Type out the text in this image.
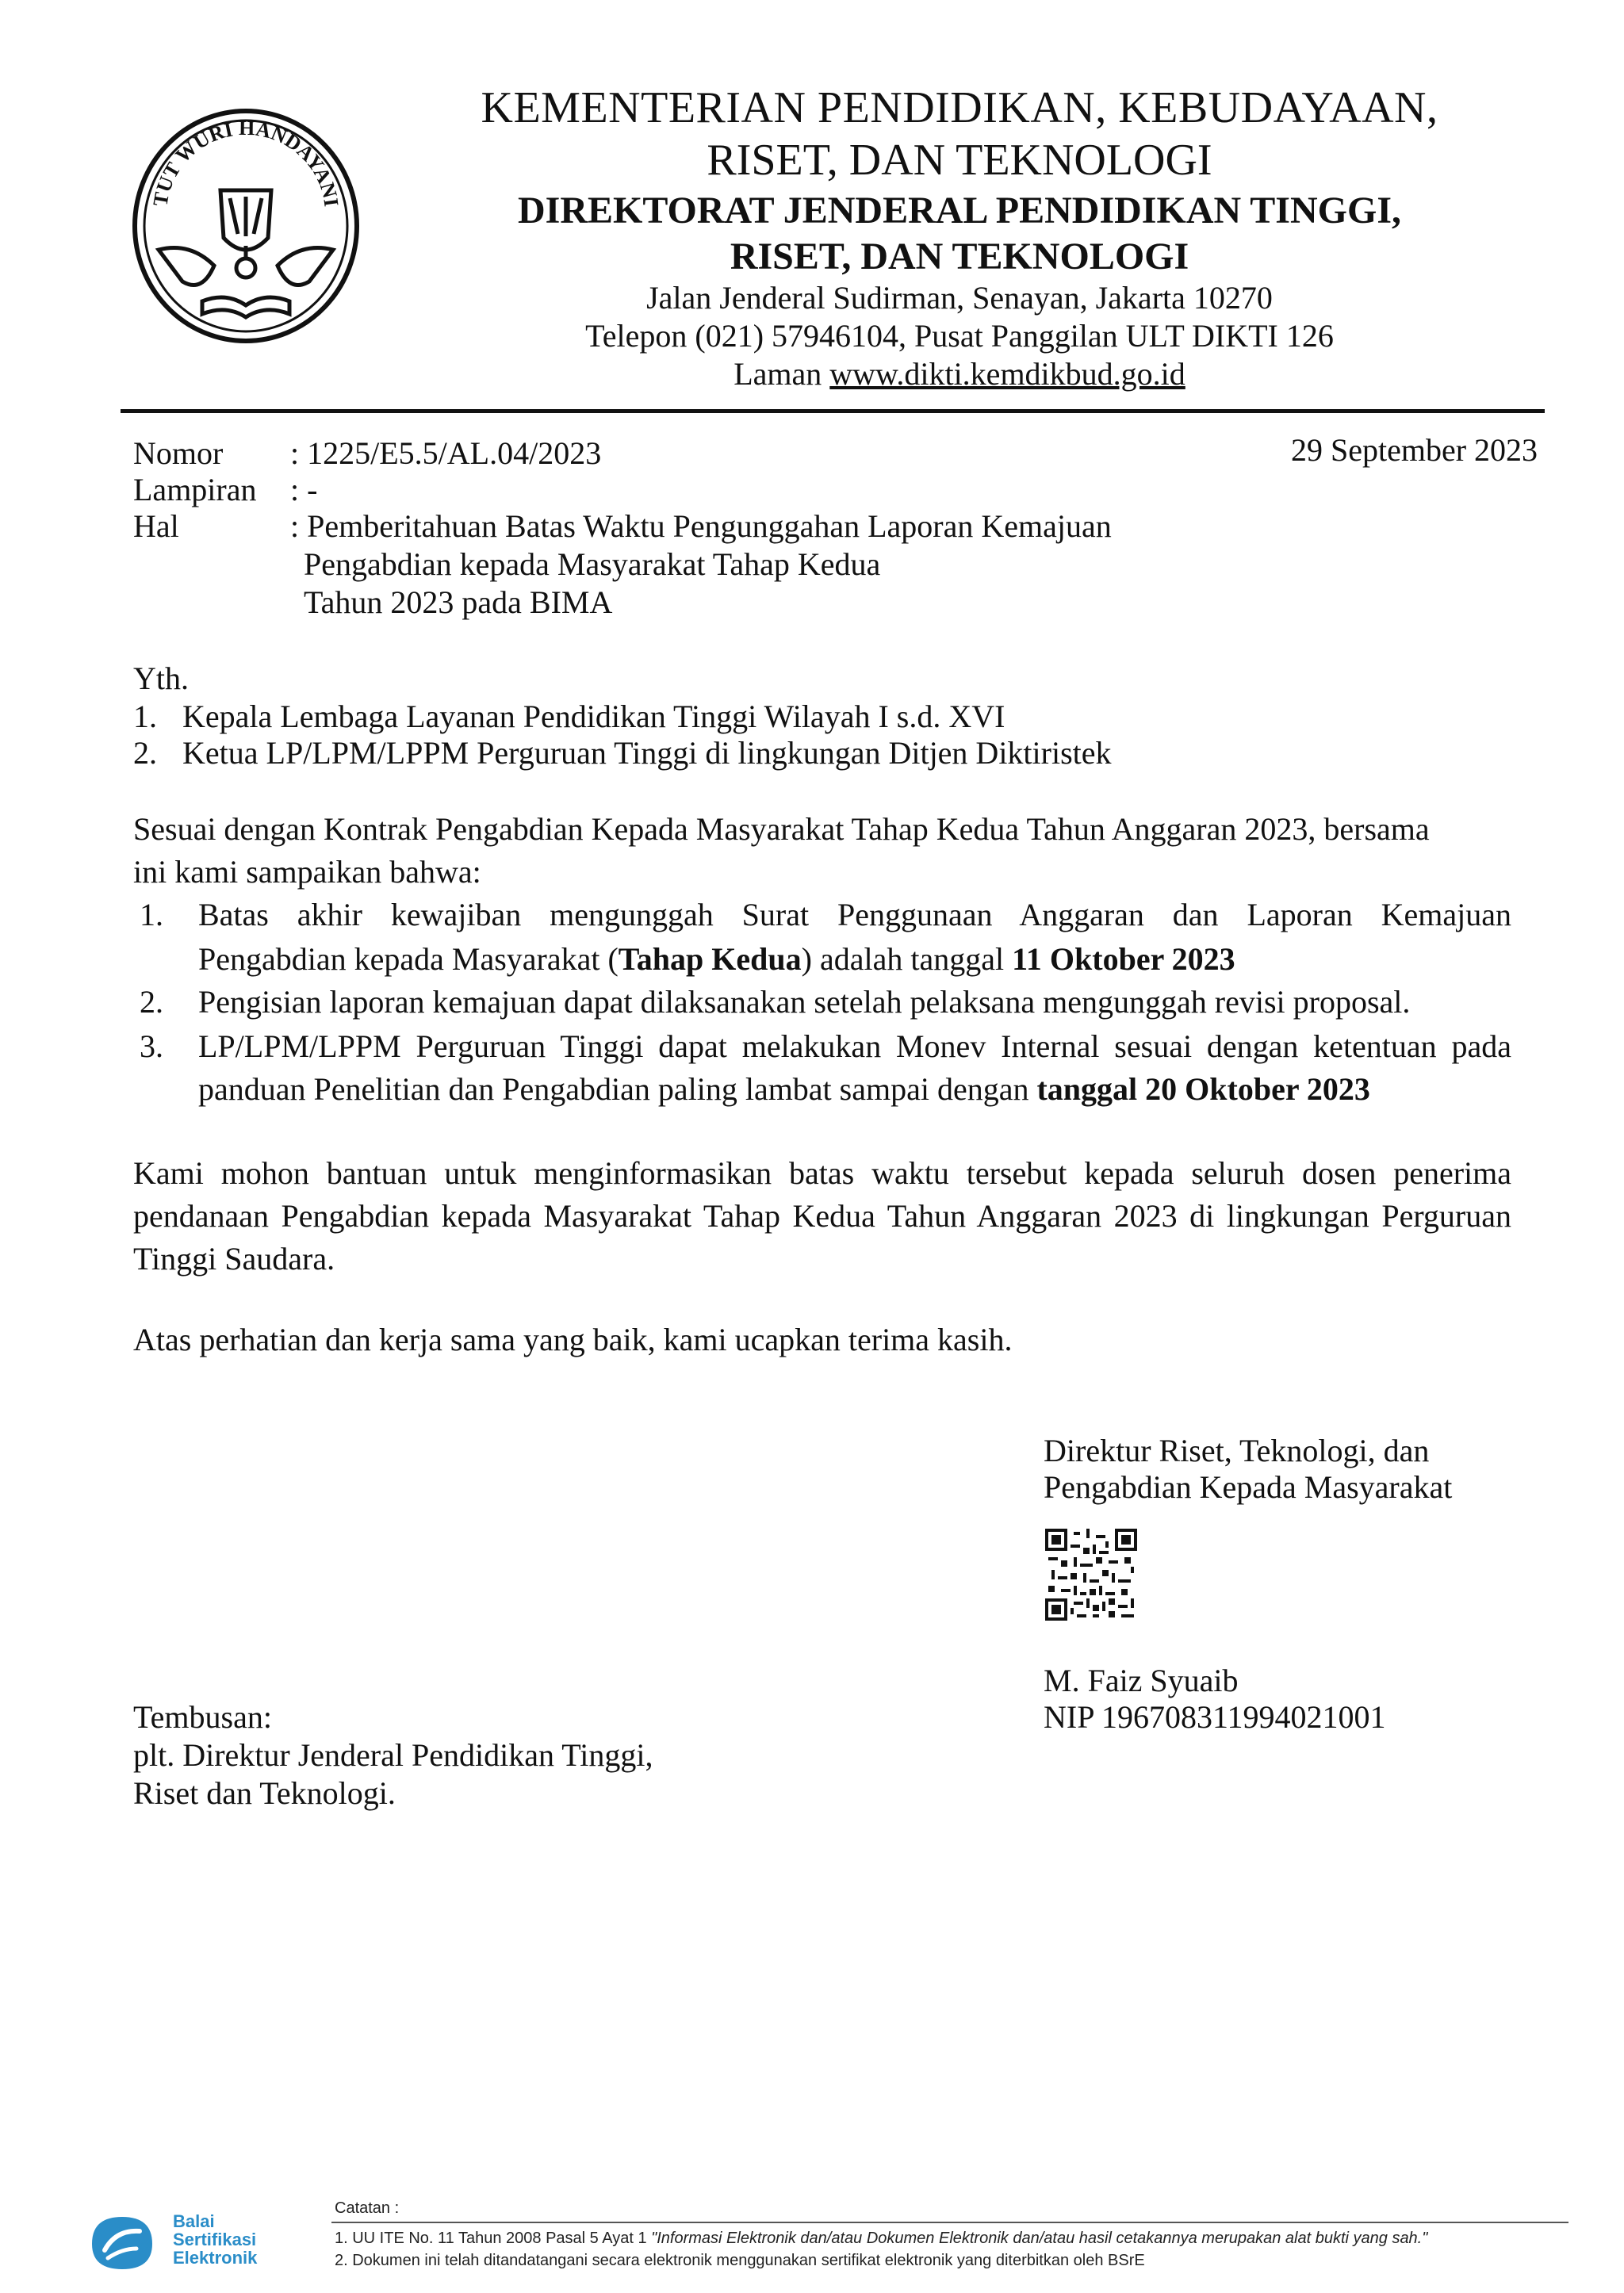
TUT WURI HANDAYANI
KEMENTERIAN PENDIDIKAN, KEBUDAYAAN,
RISET, DAN TEKNOLOGI
DIREKTORAT JENDERAL PENDIDIKAN TINGGI,
RISET, DAN TEKNOLOGI
Jalan Jenderal Sudirman, Senayan, Jakarta 10270
Telepon (021) 57946104, Pusat Panggilan ULT DIKTI 126
Laman www.dikti.kemdikbud.go.id
Nomor : 1225/E5.5/AL.04/2023	29 September 2023
Lampiran : -
Hal	: Pemberitahuan Batas Waktu Pengunggahan Laporan Kemajuan
Pengabdian kepada Masyarakat Tahap Kedua
Tahun 2023 pada BIMA
Yth.
1. Kepala Lembaga Layanan Pendidikan Tinggi Wilayah I s.d. XVI
2. Ketua LP/LPM/LPPM Perguruan Tinggi di lingkungan Ditjen Diktiristek
Sesuai dengan Kontrak Pengabdian Kepada Masyarakat Tahap Kedua Tahun Anggaran 2023, bersama
ini kami sampaikan bahwa:
1. Batas akhir kewajiban mengunggah Surat Penggunaan Anggaran dan Laporan Kemajuan
Pengabdian kepada Masyarakat (Tahap Kedua) adalah tanggal 11 Oktober 2023
2. Pengisian laporan kemajuan dapat dilaksanakan setelah pelaksana mengunggah revisi proposal.
3. LP/LPM/LPPM Perguruan Tinggi dapat melakukan Monev Internal sesuai dengan ketentuan pada
panduan Penelitian dan Pengabdian paling lambat sampai dengan tanggal 20 Oktober 2023
Kami mohon bantuan untuk menginformasikan batas waktu tersebut kepada seluruh dosen penerima
pendanaan Pengabdian kepada Masyarakat Tahap Kedua Tahun Anggaran 2023 di lingkungan Perguruan
Tinggi Saudara.
Atas perhatian dan kerja sama yang baik, kami ucapkan terima kasih.
Direktur Riset, Teknologi, dan
Pengabdian Kepada Masyarakat
M. Faiz Syuaib
NIP 196708311994021001
Tembusan:
plt. Direktur Jenderal Pendidikan Tinggi,
Riset dan Teknologi.
Balai
Sertifikasi
Elektronik
Catatan :
1. UU ITE No. 11 Tahun 2008 Pasal 5 Ayat 1 "Informasi Elektronik dan/atau Dokumen Elektronik dan/atau hasil cetakannya merupakan alat bukti yang sah."
2. Dokumen ini telah ditandatangani secara elektronik menggunakan sertifikat elektronik yang diterbitkan oleh BSrE
